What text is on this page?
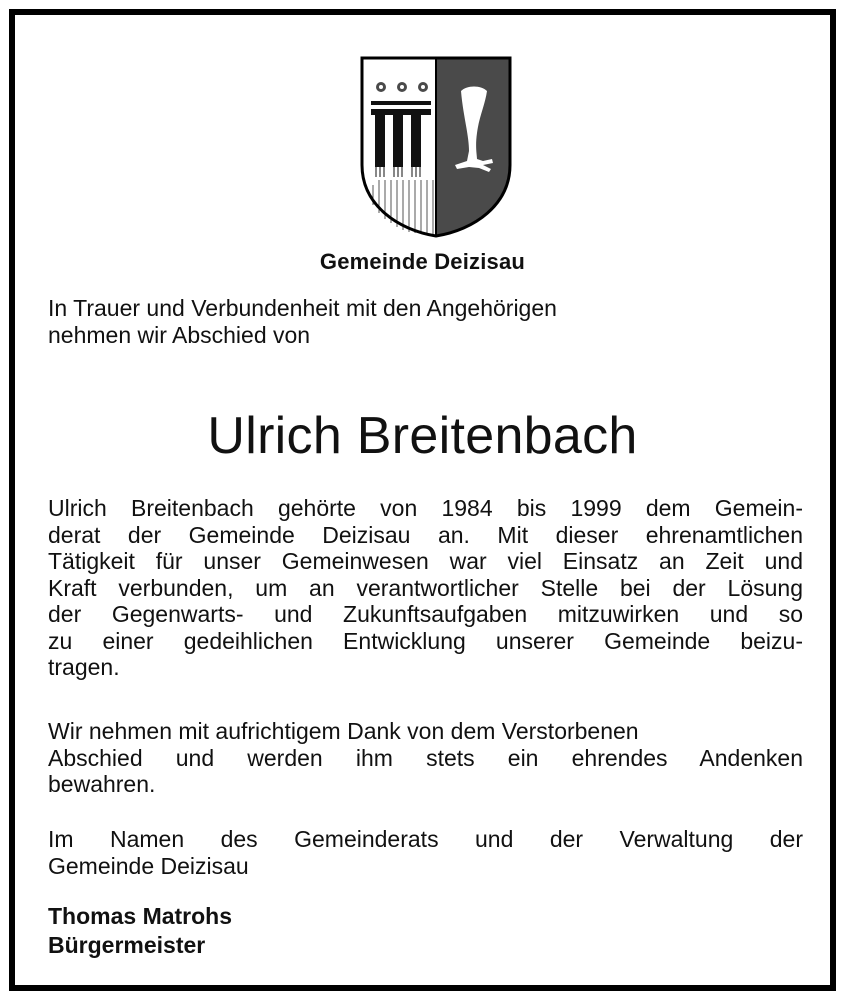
Gemeinde Deizisau
In Trauer und Verbundenheit mit den Angehörigen
nehmen wir Abschied von
Ulrich Breitenbach
Ulrich Breitenbach gehörte von 1984 bis 1999 dem Gemein-
derat der Gemeinde Deizisau an. Mit dieser ehrenamtlichen
Tätigkeit für unser Gemeinwesen war viel Einsatz an Zeit und
Kraft verbunden, um an verantwortlicher Stelle bei der Lösung
der Gegenwarts- und Zukunftsaufgaben mitzuwirken und so
zu einer gedeihlichen Entwicklung unserer Gemeinde beizu-
tragen.
Wir nehmen mit aufrichtigem Dank von dem Verstorbenen
Abschied und werden ihm stets ein ehrendes Andenken
bewahren.
Im Namen des Gemeinderats und der Verwaltung der
Gemeinde Deizisau
Thomas Matrohs
Bürgermeister
